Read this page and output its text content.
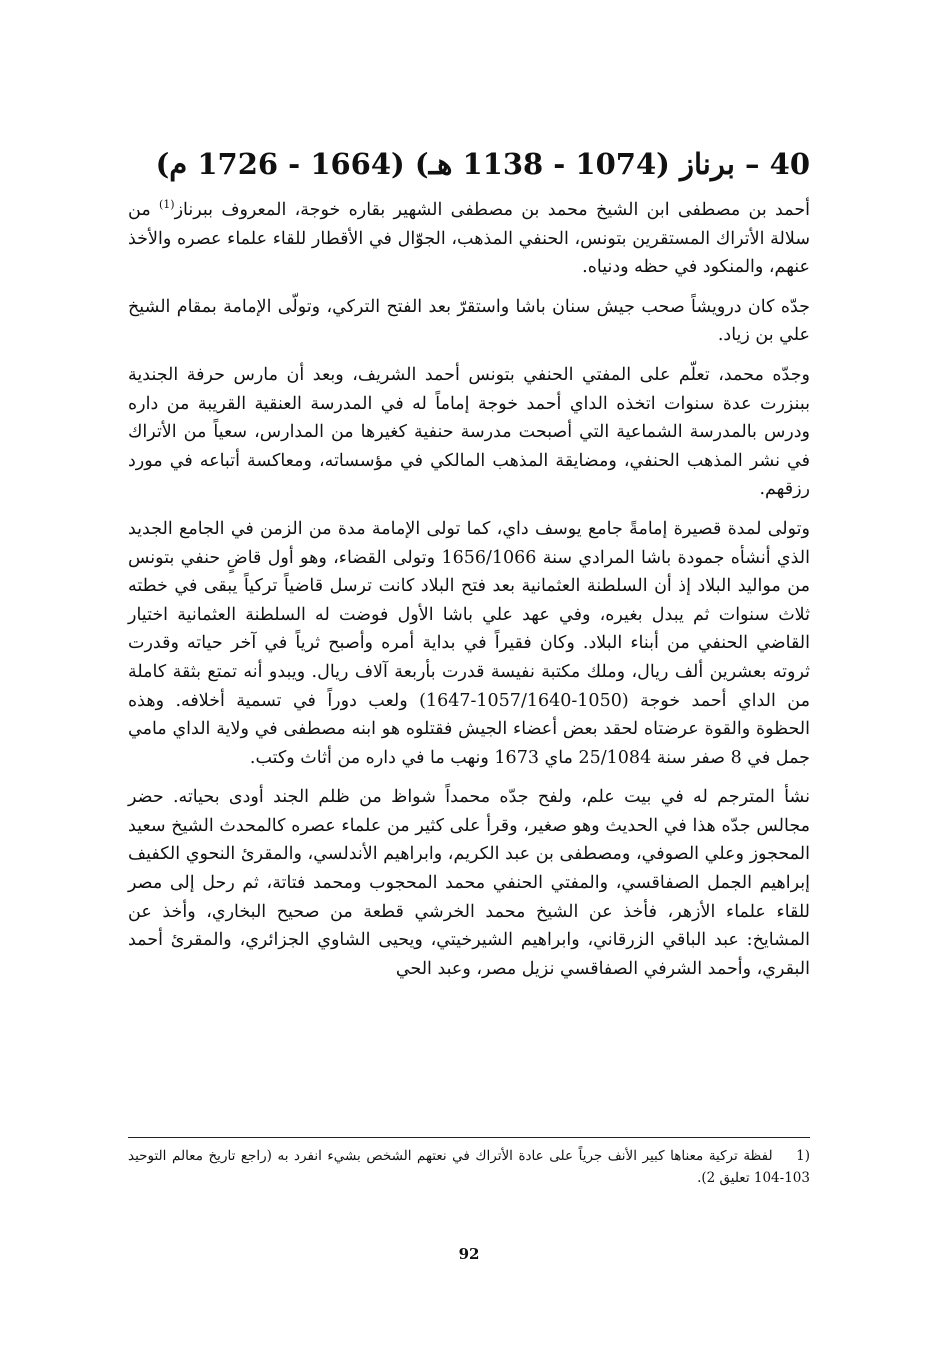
40 – برناز (1074 - 1138 هـ) (1664 - 1726 م)

أحمد بن مصطفى ابن الشيخ محمد بن مصطفى الشهير بقاره خوجة، المعروف ببرناز$^{(1)}$ من سلالة الأتراك المستقرين بتونس، الحنفي المذهب، الجوّال في الأقطار للقاء علماء عصره والأخذ عنهم، والمنكود في حظه ودنياه.

جدّه كان درويشاً صحب جيش سنان باشا واستقرّ بعد الفتح التركي، وتولّى الإمامة بمقام الشيخ علي بن زياد.

وجدّه محمد، تعلّم على المفتي الحنفي بتونس أحمد الشريف، وبعد أن مارس حرفة الجندية ببنزرت عدة سنوات اتخذه الداي أحمد خوجة إماماً له في المدرسة العنقية القريبة من داره ودرس بالمدرسة الشماعية التي أصبحت مدرسة حنفية كغيرها من المدارس، سعياً من الأتراك في نشر المذهب الحنفي، ومضايقة المذهب المالكي في مؤسساته، ومعاكسة أتباعه في مورد رزقهم.

وتولى لمدة قصيرة إمامةً جامع يوسف داي، كما تولى الإمامة مدة من الزمن في الجامع الجديد الذي أنشأه جمودة باشا المرادي سنة 1656/1066 وتولى القضاء، وهو أول قاضٍ حنفي بتونس من مواليد البلاد إذ أن السلطنة العثمانية بعد فتح البلاد كانت ترسل قاضياً تركياً يبقى في خطته ثلاث سنوات ثم يبدل بغيره، وفي عهد علي باشا الأول فوضت له السلطنة العثمانية اختيار القاضي الحنفي من أبناء البلاد. وكان فقيراً في بداية أمره وأصبح ثرياً في آخر حياته وقدرت ثروته بعشرين ألف ريال، وملك مكتبة نفيسة قدرت بأربعة آلاف ريال. ويبدو أنه تمتع بثقة كاملة من الداي أحمد خوجة (1050-1057/1640-1647) ولعب دوراً في تسمية أخلافه. وهذه الحظوة والقوة عرضتاه لحقد بعض أعضاء الجيش فقتلوه هو ابنه مصطفى في ولاية الداي مامي جمل في 8 صفر سنة 25/1084 ماي 1673 ونهب ما في داره من أثاث وكتب.

نشأ المترجم له في بيت علم، ولفح جدّه محمداً شواظ من ظلم الجند أودى بحياته. حضر مجالس جدّه هذا في الحديث وهو صغير، وقرأ على كثير من علماء عصره كالمحدث الشيخ سعيد المحجوز وعلي الصوفي، ومصطفى بن عبد الكريم، وابراهيم الأندلسي، والمقرئ النحوي الكفيف إبراهيم الجمل الصفاقسي، والمفتي الحنفي محمد المحجوب ومحمد فتاتة، ثم رحل إلى مصر للقاء علماء الأزهر، فأخذ عن الشيخ محمد الخرشي قطعة من صحيح البخاري، وأخذ عن المشايخ: عبد الباقي الزرقاني، وابراهيم الشيرخيتي، ويحيى الشاوي الجزائري، والمقرئ أحمد البقري، وأحمد الشرفي الصفاقسي نزيل مصر، وعبد الحي

(1 لفظة تركية معناها كبير الأنف جرياً على عادة الأتراك في نعتهم الشخص بشيء انفرد به (راجع تاريخ معالم التوحيد 103-104 تعليق 2).
92
